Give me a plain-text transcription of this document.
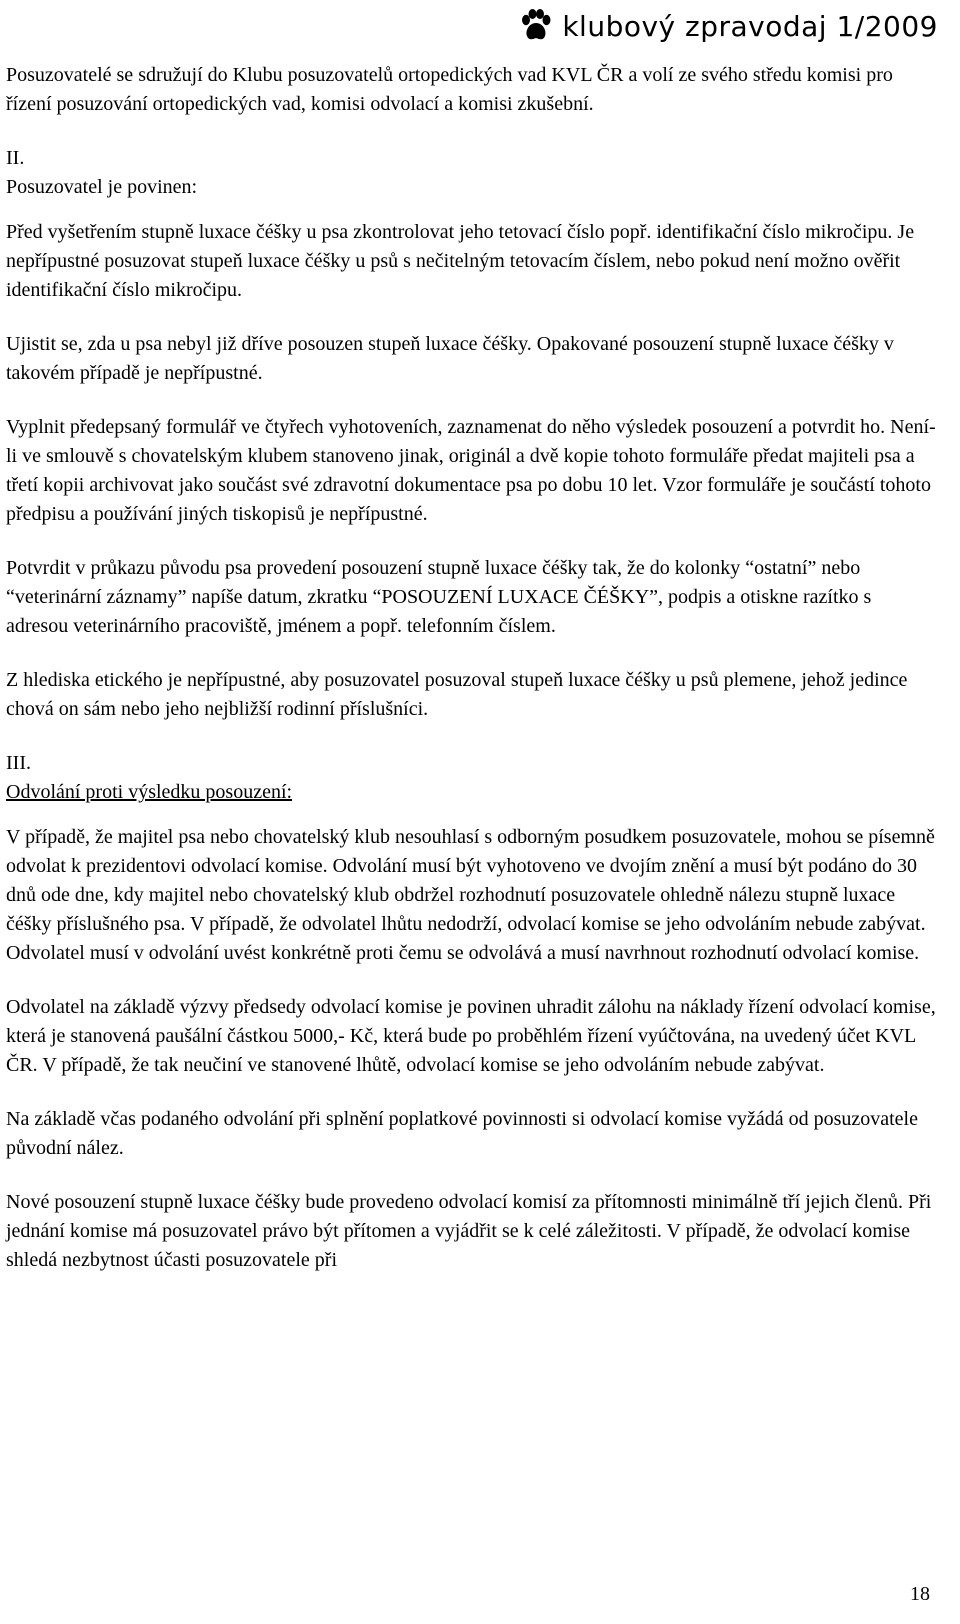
klubový zpravodaj 1/2009

Posuzovatelé se sdružují do Klubu posuzovatelů ortopedických vad KVL ČR a volí ze svého středu komisi pro řízení posuzování ortopedických vad, komisi odvolací a komisi zkušební.

II.
Posuzovatel je povinen:

Před vyšetřením stupně luxace čéšky u psa zkontrolovat jeho tetovací číslo popř. identifikační číslo mikročipu. Je nepřípustné posuzovat stupeň luxace čéšky u psů s nečitelným tetovacím číslem, nebo pokud není možno ověřit identifikační číslo mikročipu.

Ujistit se, zda u psa nebyl již dříve posouzen stupeň luxace čéšky. Opakované posouzení stupně luxace čéšky v takovém případě je nepřípustné.

Vyplnit předepsaný formulář ve čtyřech vyhotoveních, zaznamenat do něho výsledek posouzení a potvrdit ho. Není-li ve smlouvě s chovatelským klubem stanoveno jinak, originál a dvě kopie tohoto formuláře předat majiteli psa a třetí kopii archivovat jako součást své zdravotní dokumentace psa po dobu 10 let. Vzor formuláře je součástí tohoto předpisu a používání jiných tiskopisů je nepřípustné.

Potvrdit v průkazu původu psa provedení posouzení stupně luxace čéšky tak, že do kolonky “ostatní” nebo “veterinární záznamy” napíše datum, zkratku “POSOUZENÍ LUXACE ČÉŠKY”, podpis a otiskne razítko s adresou veterinárního pracoviště, jménem a popř. telefonním číslem.

Z hlediska etického je nepřípustné, aby posuzovatel posuzoval stupeň luxace čéšky u psů plemene, jehož jedince chová on sám nebo jeho nejbližší rodinní příslušníci.

III.
Odvolání proti výsledku posouzení:

V případě, že majitel psa nebo chovatelský klub nesouhlasí s odborným posudkem posuzovatele, mohou se písemně odvolat k prezidentovi odvolací komise. Odvolání musí být vyhotoveno ve dvojím znění a musí být podáno do 30 dnů ode dne, kdy majitel nebo chovatelský klub obdržel rozhodnutí posuzovatele ohledně nálezu stupně luxace čéšky příslušného psa. V případě, že odvolatel lhůtu nedodrží, odvolací komise se jeho odvoláním nebude zabývat. Odvolatel musí v odvolání uvést konkrétně proti čemu se odvolává a musí navrhnout rozhodnutí odvolací komise.

Odvolatel na základě výzvy předsedy odvolací komise je povinen uhradit zálohu na náklady řízení odvolací komise, která je stanovená paušální částkou 5000,- Kč, která bude po proběhlém řízení vyúčtována, na uvedený účet KVL ČR. V případě, že tak neučiní ve stanovené lhůtě, odvolací komise se jeho odvoláním nebude zabývat.

Na základě včas podaného odvolání při splnění poplatkové povinnosti si odvolací komise vyžádá od posuzovatele původní nález.

Nové posouzení stupně luxace čéšky bude provedeno odvolací komisí za přítomnosti minimálně tří jejich členů. Při jednání komise má posuzovatel právo být přítomen a vyjádřit se k celé záležitosti. V případě, že odvolací komise shledá nezbytnost účasti posuzovatele při

18
